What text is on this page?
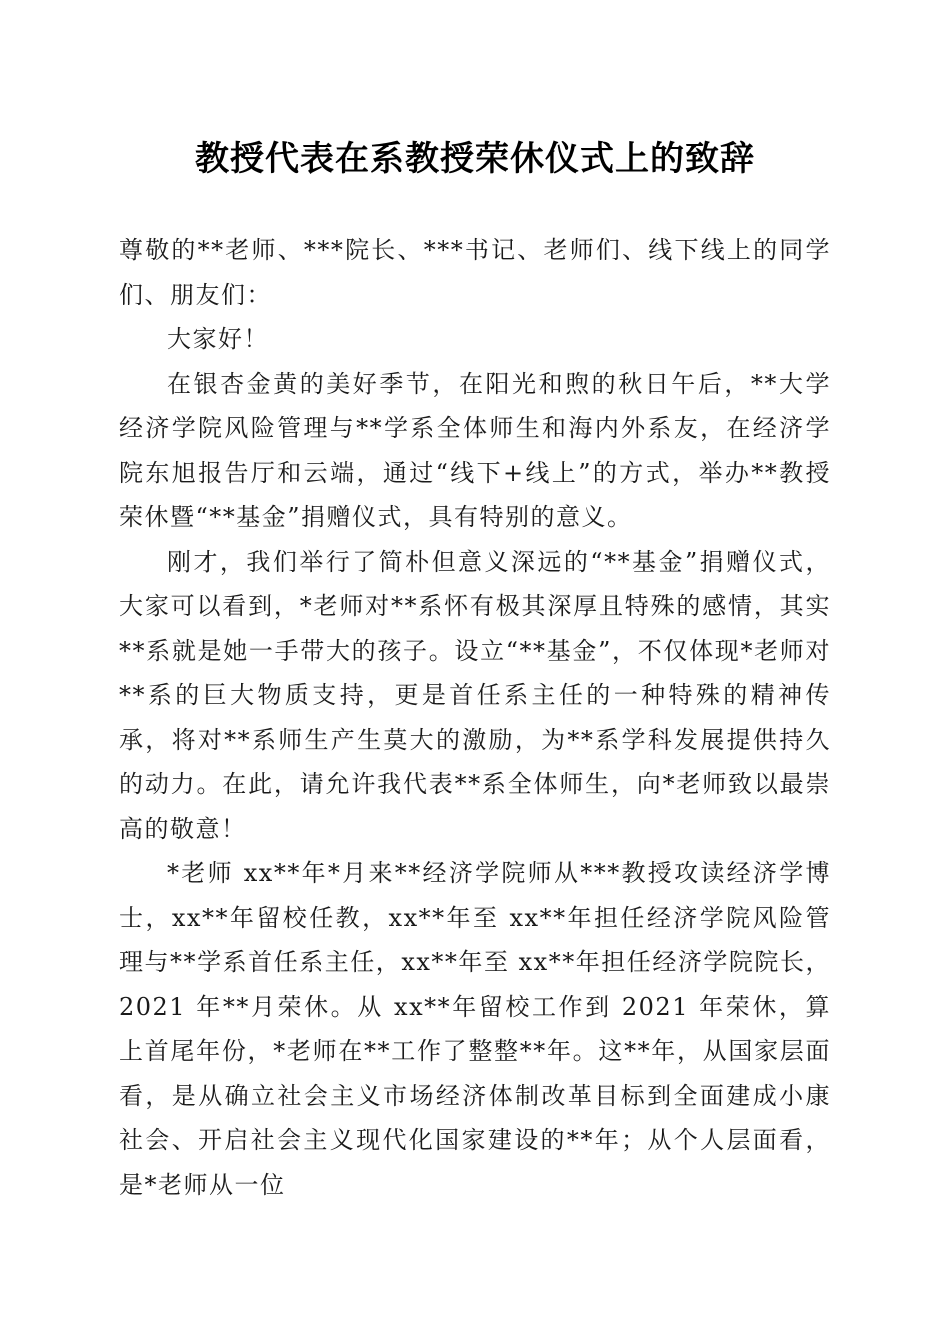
教授代表在系教授荣休仪式上的致辞

尊敬的**老师、***院长、***书记、老师们、线下线上的同学们、朋友们：

大家好！

在银杏金黄的美好季节，在阳光和煦的秋日午后，**大学经济学院风险管理与**学系全体师生和海内外系友，在经济学院东旭报告厅和云端，通过“线下+线上”的方式，举办**教授荣休暨“**基金”捐赠仪式，具有特别的意义。

刚才，我们举行了简朴但意义深远的“**基金”捐赠仪式，大家可以看到，*老师对**系怀有极其深厚且特殊的感情，其实**系就是她一手带大的孩子。设立“**基金”，不仅体现*老师对**系的巨大物质支持，更是首任系主任的一种特殊的精神传承，将对**系师生产生莫大的激励，为**系学科发展提供持久的动力。在此，请允许我代表**系全体师生，向*老师致以最崇高的敬意！

*老师 xx**年*月来**经济学院师从***教授攻读经济学博士，xx**年留校任教，xx**年至 xx**年担任经济学院风险管理与**学系首任系主任，xx**年至 xx**年担任经济学院院长，2021 年**月荣休。从 xx**年留校工作到 2021 年荣休，算上首尾年份，*老师在**工作了整整**年。这**年，从国家层面看，是从确立社会主义市场经济体制改革目标到全面建成小康社会、开启社会主义现代化国家建设的**年；从个人层面看，是*老师从一位
